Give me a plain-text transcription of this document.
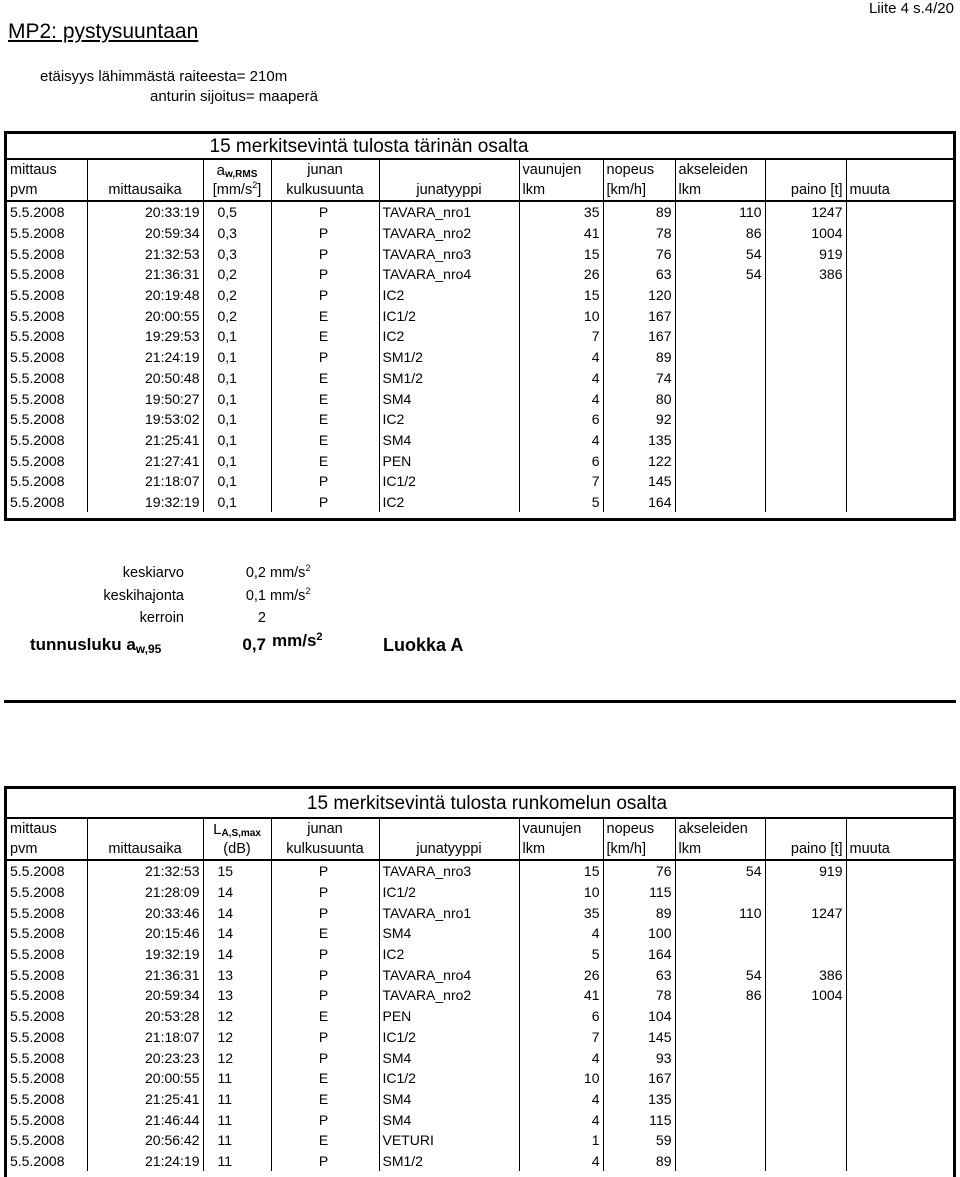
MP2: pystysuuntaan
Liite 4 s.4/20
etäisyys lähimmästä raiteesta= 210m
anturin sijoitus= maaperä
15 merkitsevintä tulosta tärinän osalta
mittaus		aw,RMS	junan		vaunujen	nopeus	akseleiden		
pvm	mittausaika	$[mm/s^2]$	kulkusuunta	junatyyppi	lkm	[km/h]	lkm	paino [t]	muuta
5.5.2008	20:33:19	0,5	P	TAVARA_nro1	35	89	110	1247	
5.5.2008	20:59:34	0,3	P	TAVARA_nro2	41	78	86	1004	
5.5.2008	21:32:53	0,3	P	TAVARA_nro3	15	76	54	919	
5.5.2008	21:36:31	0,2	P	TAVARA_nro4	26	63	54	386	
5.5.2008	20:19:48	0,2	P	IC2	15	120			
5.5.2008	20:00:55	0,2	E	IC1/2	10	167			
5.5.2008	19:29:53	0,1	E	IC2	7	167			
5.5.2008	21:24:19	0,1	P	SM1/2	4	89			
5.5.2008	20:50:48	0,1	E	SM1/2	4	74			
5.5.2008	19:50:27	0,1	E	SM4	4	80			
5.5.2008	19:53:02	0,1	E	IC2	6	92			
5.5.2008	21:25:41	0,1	E	SM4	4	135			
5.5.2008	21:27:41	0,1	E	PEN	6	122			
5.5.2008	21:18:07	0,1	P	IC1/2	7	145			
5.5.2008	19:32:19	0,1	P	IC2	5	164			
keskiarvo	0,2 $mm/s^2$
keskihajonta	0,1 $mm/s^2$
kerroin	2
tunnusluku aw,95	0,7 $mm/s^2$	Luokka A
15 merkitsevintä tulosta runkomelun osalta
mittaus		LA,S,max	junan		vaunujen	nopeus	akseleiden		
pvm	mittausaika	(dB)	kulkusuunta	junatyyppi	lkm	[km/h]	lkm	paino [t]	muuta
5.5.2008	21:32:53	15	P	TAVARA_nro3	15	76	54	919	
5.5.2008	21:28:09	14	P	IC1/2	10	115			
5.5.2008	20:33:46	14	P	TAVARA_nro1	35	89	110	1247	
5.5.2008	20:15:46	14	E	SM4	4	100			
5.5.2008	19:32:19	14	P	IC2	5	164			
5.5.2008	21:36:31	13	P	TAVARA_nro4	26	63	54	386	
5.5.2008	20:59:34	13	P	TAVARA_nro2	41	78	86	1004	
5.5.2008	20:53:28	12	E	PEN	6	104			
5.5.2008	21:18:07	12	P	IC1/2	7	145			
5.5.2008	20:23:23	12	P	SM4	4	93			
5.5.2008	20:00:55	11	E	IC1/2	10	167			
5.5.2008	21:25:41	11	E	SM4	4	135			
5.5.2008	21:46:44	11	P	SM4	4	115			
5.5.2008	20:56:42	11	E	VETURI	1	59			
5.5.2008	21:24:19	11	P	SM1/2	4	89			
